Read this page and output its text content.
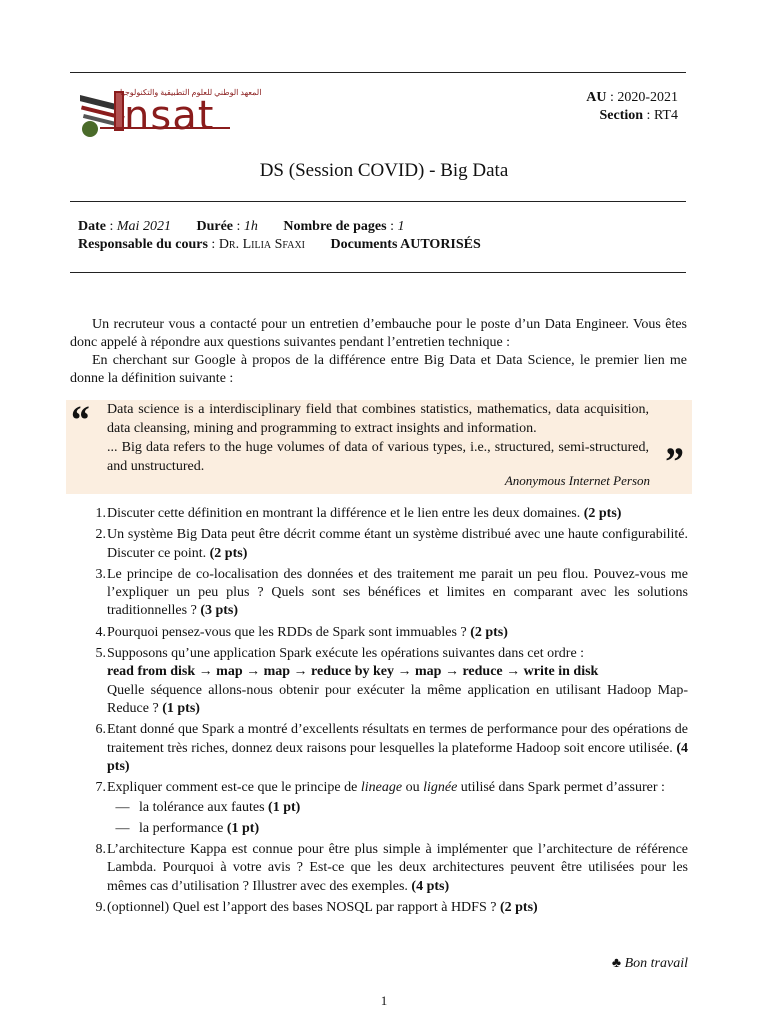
المعهد الوطني للعلوم التطبيقية والتكنولوجيا
nsat	AU : 2020-2021
Section : RT4
DS (Session COVID) - Big Data
Date : Mai 2021 Durée : 1h Nombre de pages : 1
Responsable du cours : Dr. Lilia Sfaxi Documents AUTORISÉS

Un recruteur vous a contacté pour un entretien d’embauche pour le poste d’un Data Engineer. Vous êtes donc appelé à répondre aux questions suivantes pendant l’entretien technique :

En cherchant sur Google à propos de la différence entre Big Data et Data Science, le premier lien me donne la définition suivante :

“ Data science is a interdisciplinary field that combines statistics, mathematics, data acquisition, data cleansing, mining and programming to extract insights and information.
... Big data refers to the huge volumes of data of various types, i.e., structured, semi-structured, and unstructured.
Anonymous Internet Person ”
1. Discuter cette définition en montrant la différence et le lien entre les deux domaines. (2 pts)
2. Un système Big Data peut être décrit comme étant un système distribué avec une haute configurabilité. Discuter ce point. (2 pts)
3. Le principe de co-localisation des données et des traitement me parait un peu flou. Pouvez-vous me l’expliquer un peu plus ? Quels sont ses bénéfices et limites en comparant avec les solutions traditionnelles ? (3 pts)
4. Pourquoi pensez-vous que les RDDs de Spark sont immuables ? (2 pts)
5. Supposons qu’une application Spark exécute les opérations suivantes dans cet ordre :
read from disk → map → map → reduce by key → map → reduce → write in disk
Quelle séquence allons-nous obtenir pour exécuter la même application en utilisant Hadoop Map-Reduce ? (1 pts)
6. Etant donné que Spark a montré d’excellents résultats en termes de performance pour des opérations de traitement très riches, donnez deux raisons pour lesquelles la plateforme Hadoop soit encore utilisée. (4 pts)
7. Expliquer comment est-ce que le principe de lineage ou lignée utilisé dans Spark permet d’assurer :
— la tolérance aux fautes (1 pt)
— la performance (1 pt)
8. L’architecture Kappa est connue pour être plus simple à implémenter que l’architecture de référence Lambda. Pourquoi à votre avis ? Est-ce que les deux architectures peuvent être utilisées pour les mêmes cas d’utilisation ? Illustrer avec des exemples. (4 pts)
9. (optionnel) Quel est l’apport des bases NOSQL par rapport à HDFS ? (2 pts)
♣ Bon travail
1
